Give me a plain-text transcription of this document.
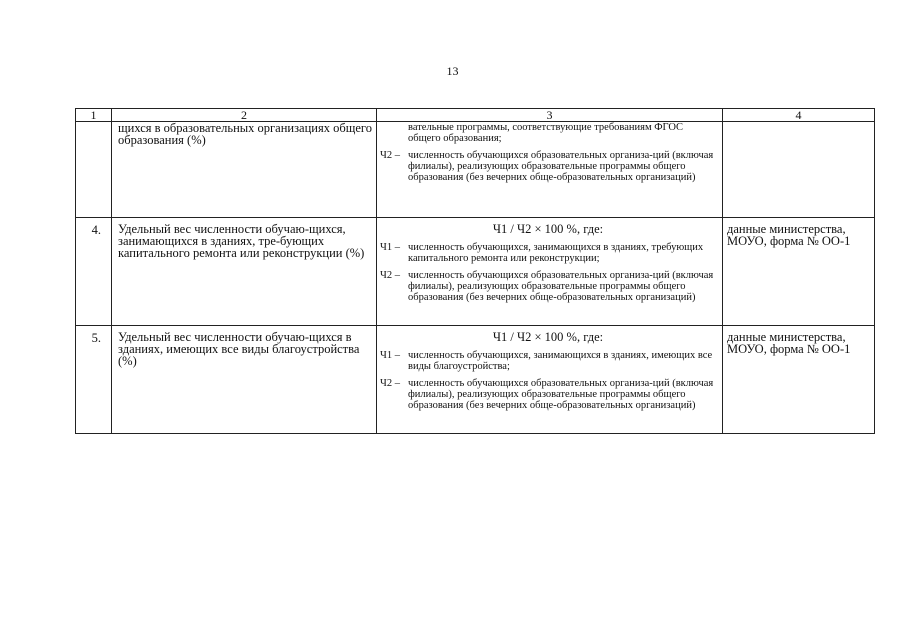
13
1	2	3	4
	щихся в образовательных организациях общего образования (%)	вательные программы, соответствующие требованиям ФГОС общего образования;
Ч2 – численность обучающихся образовательных организа-ций (включая филиалы), реализующих образовательные программы общего образования (без вечерних обще-образовательных организаций)	

4.	Удельный вес численности обучаю-щихся, занимающихся в зданиях, тре-бующих капитального ремонта или реконструкции (%)	Ч1 / Ч2 × 100 %, где:
Ч1 – численность обучающихся, занимающихся в зданиях, требующих капитального ремонта или реконструкции;
Ч2 – численность обучающихся образовательных организа-ций (включая филиалы), реализующих образовательные программы общего образования (без вечерних обще-образовательных организаций)	данные министерства, МОУО, форма № ОО-1
5.	Удельный вес численности обучаю-щихся в зданиях, имеющих все виды благоустройства (%)	Ч1 / Ч2 × 100 %, где:
Ч1 – численность обучающихся, занимающихся в зданиях, имеющих все виды благоустройства;
Ч2 – численность обучающихся образовательных организа-ций (включая филиалы), реализующих образовательные программы общего образования (без вечерних обще-образовательных организаций)	данные министерства, МОУО, форма № ОО-1
